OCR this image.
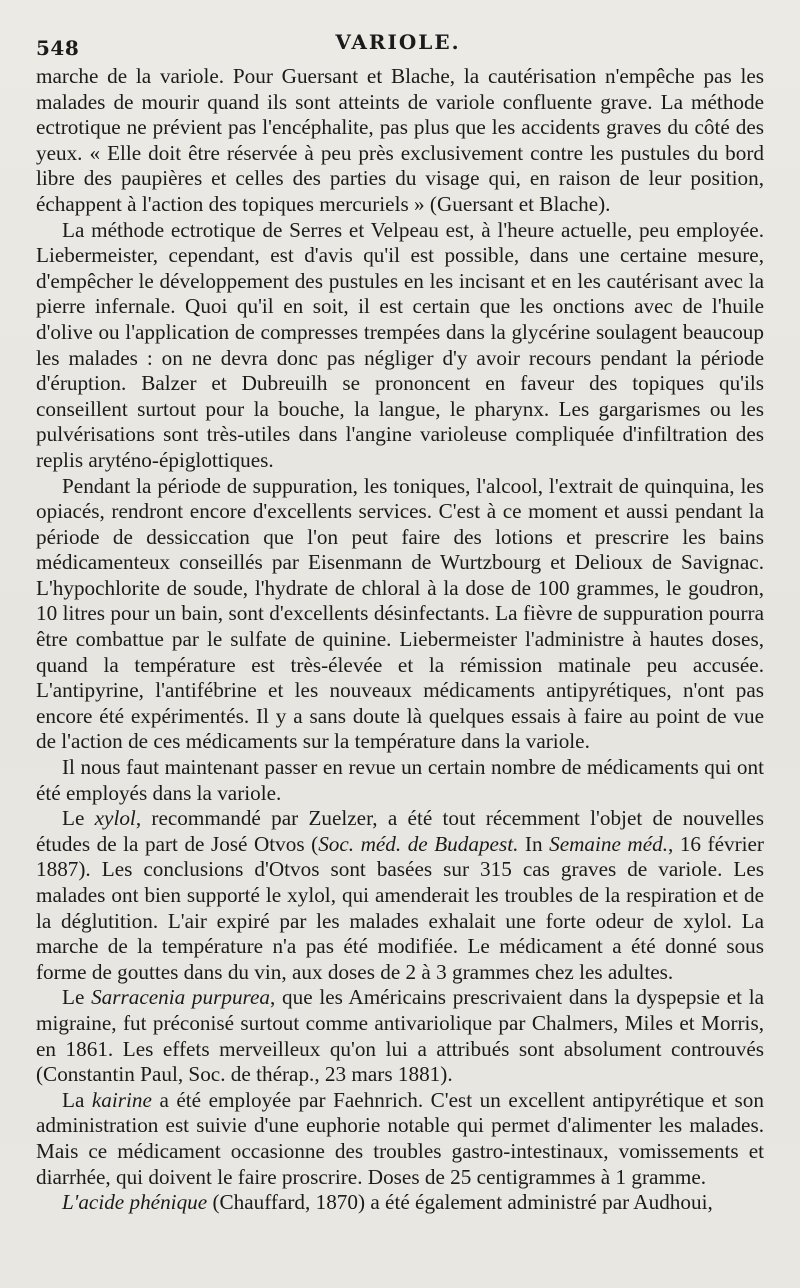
548	VARIOLE.

marche de la variole. Pour Guersant et Blache, la cautérisation n'empêche pas les malades de mourir quand ils sont atteints de variole confluente grave. La méthode ectrotique ne prévient pas l'encéphalite, pas plus que les accidents graves du côté des yeux. « Elle doit être réservée à peu près exclusivement contre les pustules du bord libre des paupières et celles des parties du visage qui, en raison de leur position, échappent à l'action des topiques mercuriels » (Guersant et Blache).

La méthode ectrotique de Serres et Velpeau est, à l'heure actuelle, peu employée. Liebermeister, cependant, est d'avis qu'il est possible, dans une certaine mesure, d'empêcher le développement des pustules en les incisant et en les cautérisant avec la pierre infernale. Quoi qu'il en soit, il est certain que les onctions avec de l'huile d'olive ou l'application de compresses trempées dans la glycérine soulagent beaucoup les malades : on ne devra donc pas négliger d'y avoir recours pendant la période d'éruption. Balzer et Dubreuilh se prononcent en faveur des topiques qu'ils conseillent surtout pour la bouche, la langue, le pharynx. Les gargarismes ou les pulvérisations sont très-utiles dans l'angine varioleuse compliquée d'infiltration des replis aryténo-épiglottiques.

Pendant la période de suppuration, les toniques, l'alcool, l'extrait de quinquina, les opiacés, rendront encore d'excellents services. C'est à ce moment et aussi pendant la période de dessiccation que l'on peut faire des lotions et prescrire les bains médicamenteux conseillés par Eisenmann de Wurtzbourg et Delioux de Savignac. L'hypochlorite de soude, l'hydrate de chloral à la dose de 100 grammes, le goudron, 10 litres pour un bain, sont d'excellents désinfectants. La fièvre de suppuration pourra être combattue par le sulfate de quinine. Liebermeister l'administre à hautes doses, quand la température est très-élevée et la rémission matinale peu accusée. L'antipyrine, l'antifébrine et les nouveaux médicaments antipyrétiques, n'ont pas encore été expérimentés. Il y a sans doute là quelques essais à faire au point de vue de l'action de ces médicaments sur la température dans la variole.

Il nous faut maintenant passer en revue un certain nombre de médicaments qui ont été employés dans la variole.

Le xylol, recommandé par Zuelzer, a été tout récemment l'objet de nouvelles études de la part de José Otvos (Soc. méd. de Budapest. In Semaine méd., 16 février 1887). Les conclusions d'Otvos sont basées sur 315 cas graves de variole. Les malades ont bien supporté le xylol, qui amenderait les troubles de la respiration et de la déglutition. L'air expiré par les malades exhalait une forte odeur de xylol. La marche de la température n'a pas été modifiée. Le médicament a été donné sous forme de gouttes dans du vin, aux doses de 2 à 3 grammes chez les adultes.

Le Sarracenia purpurea, que les Américains prescrivaient dans la dyspepsie et la migraine, fut préconisé surtout comme antivariolique par Chalmers, Miles et Morris, en 1861. Les effets merveilleux qu'on lui a attribués sont absolument controuvés (Constantin Paul, Soc. de thérap., 23 mars 1881).

La kairine a été employée par Faehnrich. C'est un excellent antipyrétique et son administration est suivie d'une euphorie notable qui permet d'alimenter les malades. Mais ce médicament occasionne des troubles gastro-intestinaux, vomissements et diarrhée, qui doivent le faire proscrire. Doses de 25 centigrammes à 1 gramme.

L'acide phénique (Chauffard, 1870) a été également administré par Audhoui,
